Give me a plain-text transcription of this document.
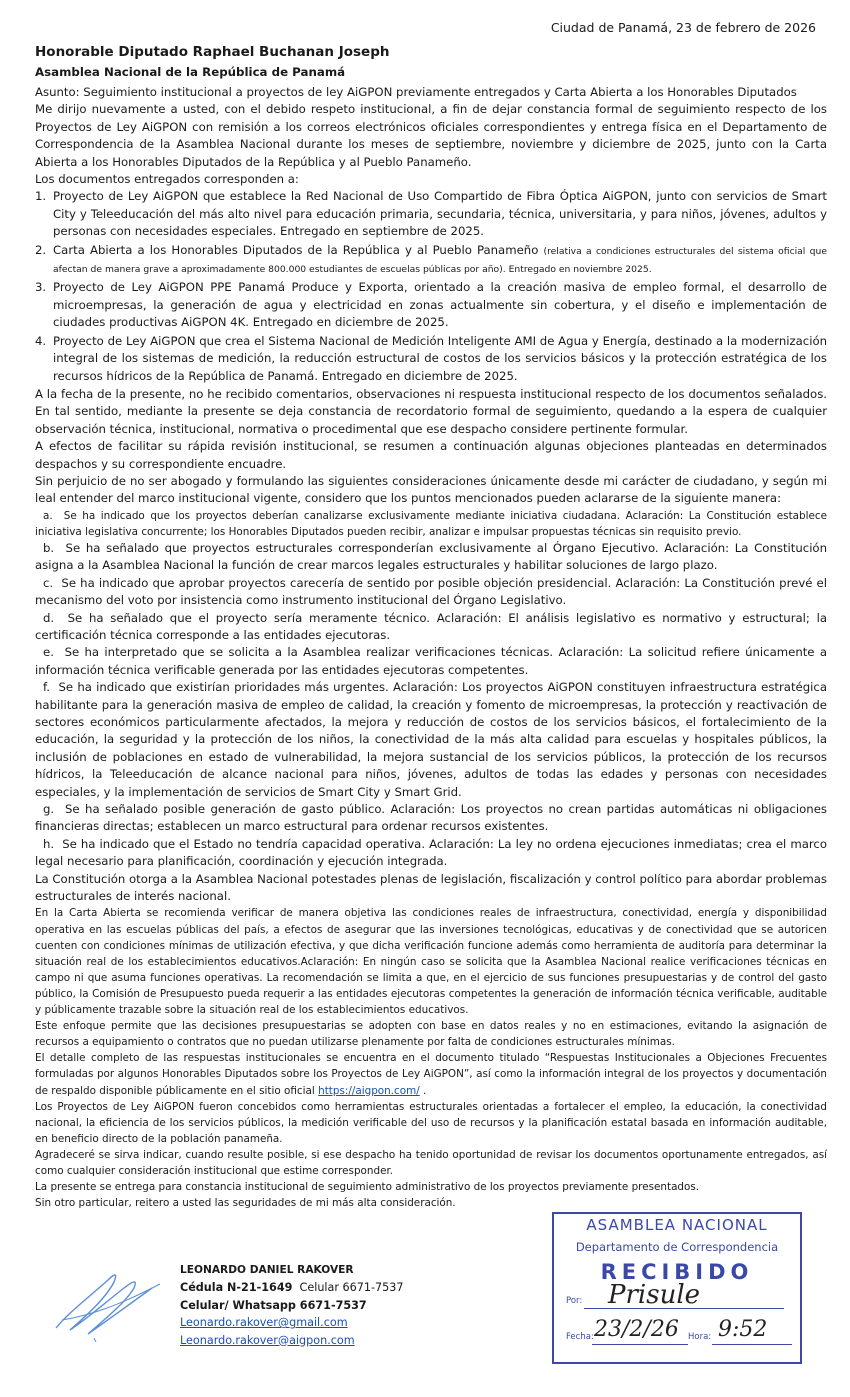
Ciudad de Panamá, 23 de febrero de 2026
Honorable Diputado Raphael Buchanan Joseph
Asamblea Nacional de la República de Panamá

Asunto: Seguimiento institucional a proyectos de ley AiGPON previamente entregados y Carta Abierta a los Honorables Diputados

Me dirijo nuevamente a usted, con el debido respeto institucional, a fin de dejar constancia formal de seguimiento respecto de los Proyectos de Ley AiGPON con remisión a los correos electrónicos oficiales correspondientes y entrega física en el Departamento de Correspondencia de la Asamblea Nacional durante los meses de septiembre, noviembre y diciembre de 2025, junto con la Carta Abierta a los Honorables Diputados de la República y al Pueblo Panameño.

Los documentos entregados corresponden a:

1. Proyecto de Ley AiGPON que establece la Red Nacional de Uso Compartido de Fibra Óptica AiGPON, junto con servicios de Smart City y Teleeducación del más alto nivel para educación primaria, secundaria, técnica, universitaria, y para niños, jóvenes, adultos y personas con necesidades especiales. Entregado en septiembre de 2025.
2. Carta Abierta a los Honorables Diputados de la República y al Pueblo Panameño (relativa a condiciones estructurales del sistema oficial que afectan de manera grave a aproximadamente 800.000 estudiantes de escuelas públicas por año). Entregado en noviembre 2025.
3. Proyecto de Ley AiGPON PPE Panamá Produce y Exporta, orientado a la creación masiva de empleo formal, el desarrollo de microempresas, la generación de agua y electricidad en zonas actualmente sin cobertura, y el diseño e implementación de ciudades productivas AiGPON 4K. Entregado en diciembre de 2025.
4. Proyecto de Ley AiGPON que crea el Sistema Nacional de Medición Inteligente AMI de Agua y Energía, destinado a la modernización integral de los sistemas de medición, la reducción estructural de costos de los servicios básicos y la protección estratégica de los recursos hídricos de la República de Panamá. Entregado en diciembre de 2025.

A la fecha de la presente, no he recibido comentarios, observaciones ni respuesta institucional respecto de los documentos señalados. En tal sentido, mediante la presente se deja constancia de recordatorio formal de seguimiento, quedando a la espera de cualquier observación técnica, institucional, normativa o procedimental que ese despacho considere pertinente formular.

A efectos de facilitar su rápida revisión institucional, se resumen a continuación algunas objeciones planteadas en determinados despachos y su correspondiente encuadre.

Sin perjuicio de no ser abogado y formulando las siguientes consideraciones únicamente desde mi carácter de ciudadano, y según mi leal entender del marco institucional vigente, considero que los puntos mencionados pueden aclararse de la siguiente manera:

a. Se ha indicado que los proyectos deberían canalizarse exclusivamente mediante iniciativa ciudadana. Aclaración: La Constitución establece iniciativa legislativa concurrente; los Honorables Diputados pueden recibir, analizar e impulsar propuestas técnicas sin requisito previo.

b. Se ha señalado que proyectos estructurales corresponderían exclusivamente al Órgano Ejecutivo. Aclaración: La Constitución asigna a la Asamblea Nacional la función de crear marcos legales estructurales y habilitar soluciones de largo plazo.

c. Se ha indicado que aprobar proyectos carecería de sentido por posible objeción presidencial. Aclaración: La Constitución prevé el mecanismo del voto por insistencia como instrumento institucional del Órgano Legislativo.

d. Se ha señalado que el proyecto sería meramente técnico. Aclaración: El análisis legislativo es normativo y estructural; la certificación técnica corresponde a las entidades ejecutoras.

e. Se ha interpretado que se solicita a la Asamblea realizar verificaciones técnicas. Aclaración: La solicitud refiere únicamente a información técnica verificable generada por las entidades ejecutoras competentes.

f. Se ha indicado que existirían prioridades más urgentes. Aclaración: Los proyectos AiGPON constituyen infraestructura estratégica habilitante para la generación masiva de empleo de calidad, la creación y fomento de microempresas, la protección y reactivación de sectores económicos particularmente afectados, la mejora y reducción de costos de los servicios básicos, el fortalecimiento de la educación, la seguridad y la protección de los niños, la conectividad de la más alta calidad para escuelas y hospitales públicos, la inclusión de poblaciones en estado de vulnerabilidad, la mejora sustancial de los servicios públicos, la protección de los recursos hídricos, la Teleeducación de alcance nacional para niños, jóvenes, adultos de todas las edades y personas con necesidades especiales, y la implementación de servicios de Smart City y Smart Grid.

g. Se ha señalado posible generación de gasto público. Aclaración: Los proyectos no crean partidas automáticas ni obligaciones financieras directas; establecen un marco estructural para ordenar recursos existentes.

h. Se ha indicado que el Estado no tendría capacidad operativa. Aclaración: La ley no ordena ejecuciones inmediatas; crea el marco legal necesario para planificación, coordinación y ejecución integrada.

La Constitución otorga a la Asamblea Nacional potestades plenas de legislación, fiscalización y control político para abordar problemas estructurales de interés nacional.

En la Carta Abierta se recomienda verificar de manera objetiva las condiciones reales de infraestructura, conectividad, energía y disponibilidad operativa en las escuelas públicas del país, a efectos de asegurar que las inversiones tecnológicas, educativas y de conectividad que se autoricen cuenten con condiciones mínimas de utilización efectiva, y que dicha verificación funcione además como herramienta de auditoría para determinar la situación real de los establecimientos educativos.Aclaración: En ningún caso se solicita que la Asamblea Nacional realice verificaciones técnicas en campo ni que asuma funciones operativas. La recomendación se limita a que, en el ejercicio de sus funciones presupuestarias y de control del gasto público, la Comisión de Presupuesto pueda requerir a las entidades ejecutoras competentes la generación de información técnica verificable, auditable y públicamente trazable sobre la situación real de los establecimientos educativos.

Este enfoque permite que las decisiones presupuestarias se adopten con base en datos reales y no en estimaciones, evitando la asignación de recursos a equipamiento o contratos que no puedan utilizarse plenamente por falta de condiciones estructurales mínimas.

El detalle completo de las respuestas institucionales se encuentra en el documento titulado “Respuestas Institucionales a Objeciones Frecuentes formuladas por algunos Honorables Diputados sobre los Proyectos de Ley AiGPON”, así como la información integral de los proyectos y documentación de respaldo disponible públicamente en el sitio oficial https://aigpon.com/ .

Los Proyectos de Ley AiGPON fueron concebidos como herramientas estructurales orientadas a fortalecer el empleo, la educación, la conectividad nacional, la eficiencia de los servicios públicos, la medición verificable del uso de recursos y la planificación estatal basada en información auditable, en beneficio directo de la población panameña.

Agradeceré se sirva indicar, cuando resulte posible, si ese despacho ha tenido oportunidad de revisar los documentos oportunamente entregados, así como cualquier consideración institucional que estime corresponder.

La presente se entrega para constancia institucional de seguimiento administrativo de los proyectos previamente presentados.

Sin otro particular, reitero a usted las seguridades de mi más alta consideración.

LEONARDO DANIEL RAKOVER
Cédula N-21-1649 Celular 6671-7537
Celular/ Whatsapp 6671-7537
Leonardo.rakover@gmail.com
Leonardo.rakover@aigpon.com
ASAMBLEA NACIONAL
Departamento de Correspondencia
RECIBIDO
Por: Prisule
Fecha: 23/2/26 Hora: 9:52
